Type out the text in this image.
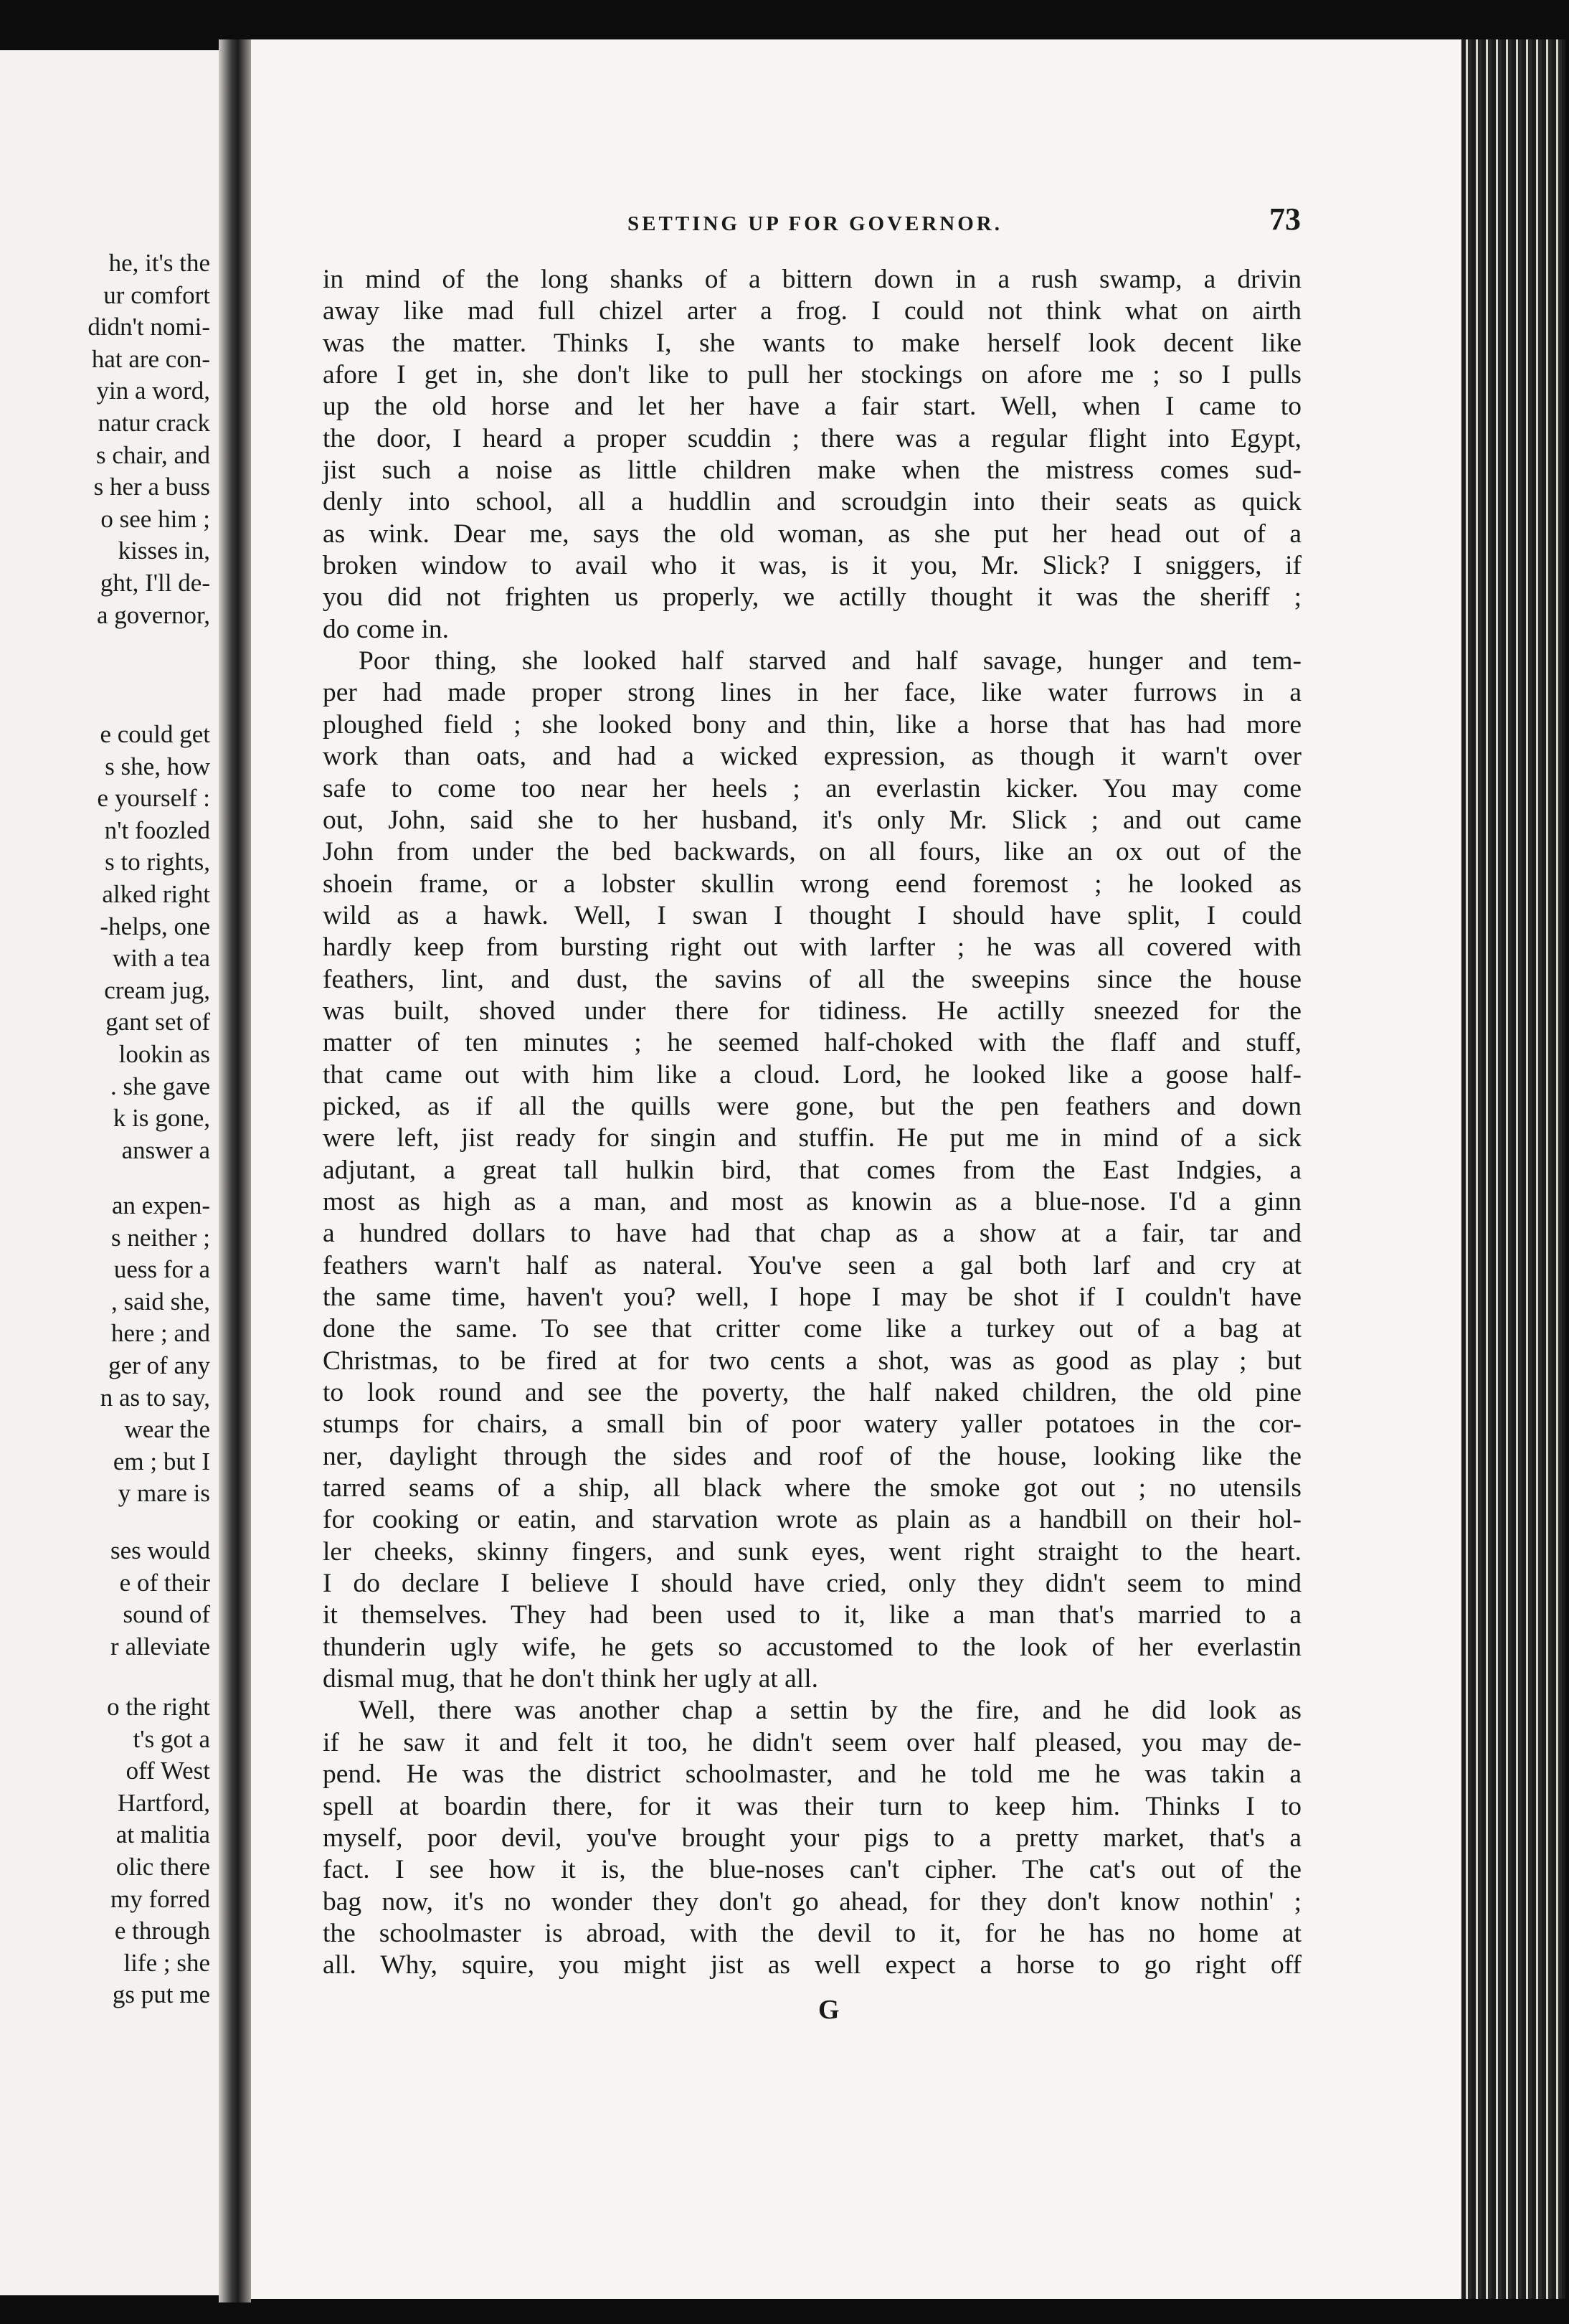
he, it's the
ur comfort
didn't nomi-
hat are con-
yin a word,
natur crack
s chair, and
s her a buss
o see him ;
kisses in,
ght, I'll de-
a governor,
e could get
s she, how
e yourself :
n't foozled
s to rights,
alked right
-helps, one
with a tea
cream jug,
gant set of
lookin as
. she gave
k is gone,
answer a
an expen-
s neither ;
uess for a
, said she,
here ; and
ger of any
n as to say,
wear the
em ; but I
y mare is
ses would
e of their
sound of
r alleviate
o the right
t's got a
off West
Hartford,
at malitia
olic there
my forred
e through
life ; she
gs put me
SETTING UP FOR GOVERNOR.	73
in mind of the long shanks of a bittern down in a rush swamp, a drivin
away like mad full chizel arter a frog. I could not think what on airth
was the matter. Thinks I, she wants to make herself look decent like
afore I get in, she don't like to pull her stockings on afore me ; so I pulls
up the old horse and let her have a fair start. Well, when I came to
the door, I heard a proper scuddin ; there was a regular flight into Egypt,
jist such a noise as little children make when the mistress comes sud-
denly into school, all a huddlin and scroudgin into their seats as quick
as wink. Dear me, says the old woman, as she put her head out of a
broken window to avail who it was, is it you, Mr. Slick? I sniggers, if
you did not frighten us properly, we actilly thought it was the sheriff ;
do come in.
Poor thing, she looked half starved and half savage, hunger and tem-
per had made proper strong lines in her face, like water furrows in a
ploughed field ; she looked bony and thin, like a horse that has had more
work than oats, and had a wicked expression, as though it warn't over
safe to come too near her heels ; an everlastin kicker. You may come
out, John, said she to her husband, it's only Mr. Slick ; and out came
John from under the bed backwards, on all fours, like an ox out of the
shoein frame, or a lobster skullin wrong eend foremost ; he looked as
wild as a hawk. Well, I swan I thought I should have split, I could
hardly keep from bursting right out with larfter ; he was all covered with
feathers, lint, and dust, the savins of all the sweepins since the house
was built, shoved under there for tidiness. He actilly sneezed for the
matter of ten minutes ; he seemed half-choked with the flaff and stuff,
that came out with him like a cloud. Lord, he looked like a goose half-
picked, as if all the quills were gone, but the pen feathers and down
were left, jist ready for singin and stuffin. He put me in mind of a sick
adjutant, a great tall hulkin bird, that comes from the East Indgies, a
most as high as a man, and most as knowin as a blue-nose. I'd a ginn
a hundred dollars to have had that chap as a show at a fair, tar and
feathers warn't half as nateral. You've seen a gal both larf and cry at
the same time, haven't you? well, I hope I may be shot if I couldn't have
done the same. To see that critter come like a turkey out of a bag at
Christmas, to be fired at for two cents a shot, was as good as play ; but
to look round and see the poverty, the half naked children, the old pine
stumps for chairs, a small bin of poor watery yaller potatoes in the cor-
ner, daylight through the sides and roof of the house, looking like the
tarred seams of a ship, all black where the smoke got out ; no utensils
for cooking or eatin, and starvation wrote as plain as a handbill on their hol-
ler cheeks, skinny fingers, and sunk eyes, went right straight to the heart.
I do declare I believe I should have cried, only they didn't seem to mind
it themselves. They had been used to it, like a man that's married to a
thunderin ugly wife, he gets so accustomed to the look of her everlastin
dismal mug, that he don't think her ugly at all.
Well, there was another chap a settin by the fire, and he did look as
if he saw it and felt it too, he didn't seem over half pleased, you may de-
pend. He was the district schoolmaster, and he told me he was takin a
spell at boardin there, for it was their turn to keep him. Thinks I to
myself, poor devil, you've brought your pigs to a pretty market, that's a
fact. I see how it is, the blue-noses can't cipher. The cat's out of the
bag now, it's no wonder they don't go ahead, for they don't know nothin' ;
the schoolmaster is abroad, with the devil to it, for he has no home at
all. Why, squire, you might jist as well expect a horse to go right off
G
